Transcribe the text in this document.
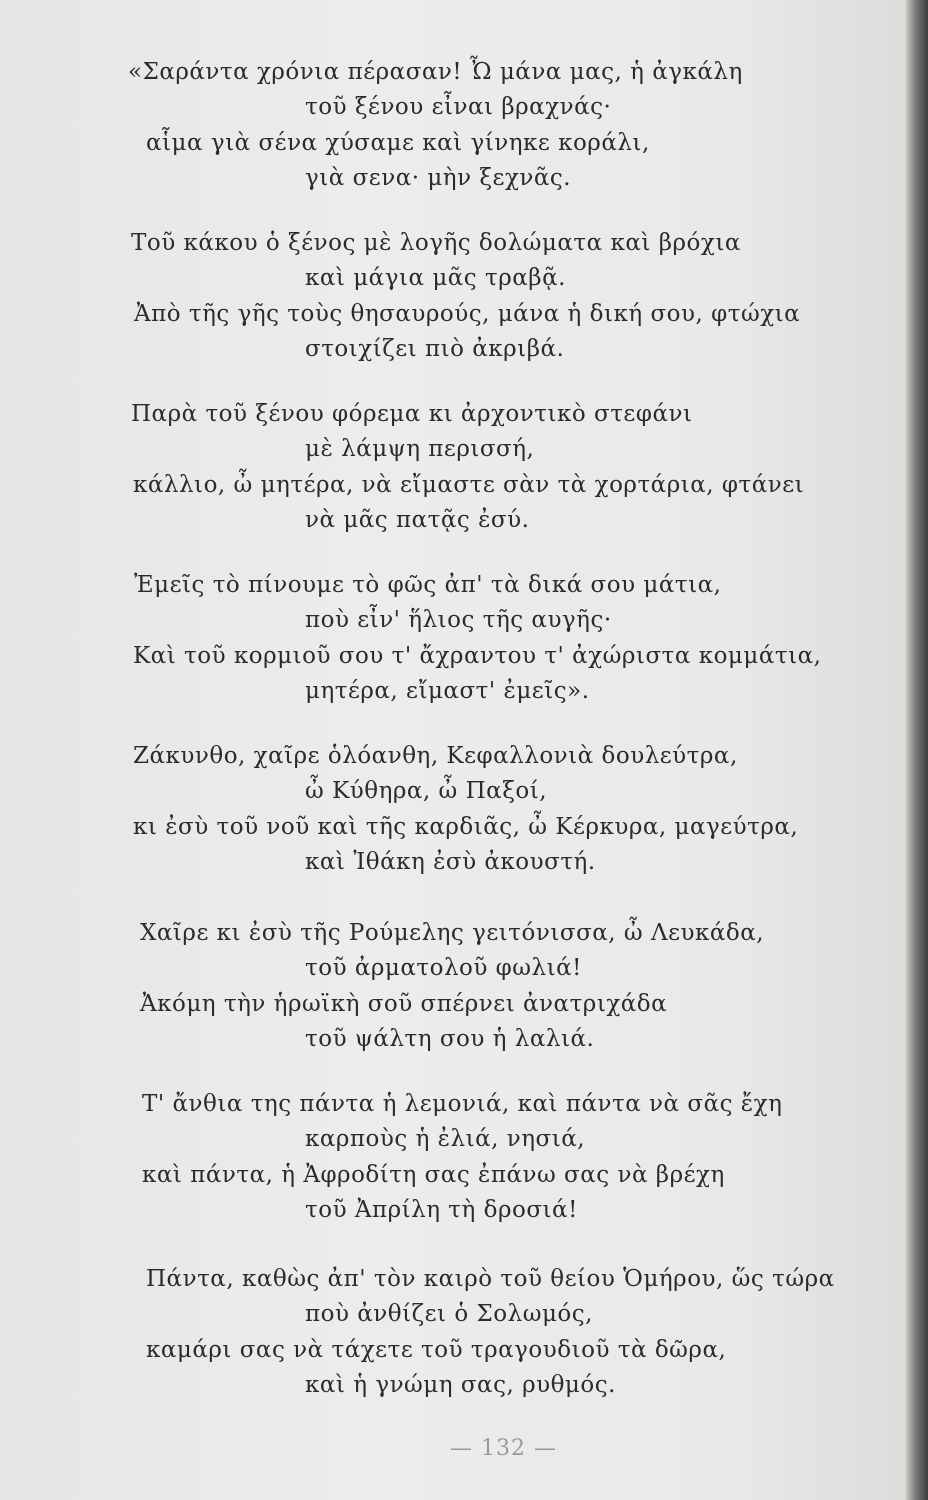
«Σαράντα χρόνια πέρασαν! Ὦ μάνα μας, ἡ ἀγκάλη
τοῦ ξένου εἶναι βραχνάς·
αἷμα γιὰ σένα χύσαμε καὶ γίνηκε κοράλι,
γιὰ σενα· μὴν ξεχνᾶς.
Τοῦ κάκου ὁ ξένος μὲ λογῆς δολώματα καὶ βρόχια
καὶ μάγια μᾶς τραβᾷ.
Ἀπὸ τῆς γῆς τοὺς θησαυρούς, μάνα ἡ δική σου, φτώχια
στοιχίζει πιὸ ἀκριβά.
Παρὰ τοῦ ξένου φόρεμα κι ἀρχοντικὸ στεφάνι
μὲ λάμψη περισσή,
κάλλιο, ὦ μητέρα, νὰ εἴμαστε σὰν τὰ χορτάρια, φτάνει
νὰ μᾶς πατᾷς ἐσύ.
Ἐμεῖς τὸ πίνουμε τὸ φῶς ἀπ' τὰ δικά σου μάτια,
ποὺ εἶν' ἥλιος τῆς αυγῆς·
Καὶ τοῦ κορμιοῦ σου τ' ἄχραντου τ' ἀχώριστα κομμάτια,
μητέρα, εἴμαστ' ἐμεῖς».
Ζάκυνθο, χαῖρε ὁλόανθη, Κεφαλλονιὰ δουλεύτρα,
ὦ Κύθηρα, ὦ Παξοί,
κι ἐσὺ τοῦ νοῦ καὶ τῆς καρδιᾶς, ὦ Κέρκυρα, μαγεύτρα,
καὶ Ἰθάκη ἐσὺ ἀκουστή.
Χαῖρε κι ἐσὺ τῆς Ρούμελης γειτόνισσα, ὦ Λευκάδα,
τοῦ ἀρματολοῦ φωλιά!
Ἀκόμη τὴν ἡρωϊκὴ σοῦ σπέρνει ἀνατριχάδα
τοῦ ψάλτη σου ἡ λαλιά.
Τ' ἄνθια της πάντα ἡ λεμονιά, καὶ πάντα νὰ σᾶς ἔχη
καρποὺς ἡ ἐλιά, νησιά,
καὶ πάντα, ἡ Ἀφροδίτη σας ἐπάνω σας νὰ βρέχη
τοῦ Ἀπρίλη τὴ δροσιά!
Πάντα, καθὼς ἀπ' τὸν καιρὸ τοῦ θείου Ὁμήρου, ὥς τώρα
ποὺ ἀνθίζει ὁ Σολωμός,
καμάρι σας νὰ τάχετε τοῦ τραγουδιοῦ τὰ δῶρα,
καὶ ἡ γνώμη σας, ρυθμός.
— 132 —
